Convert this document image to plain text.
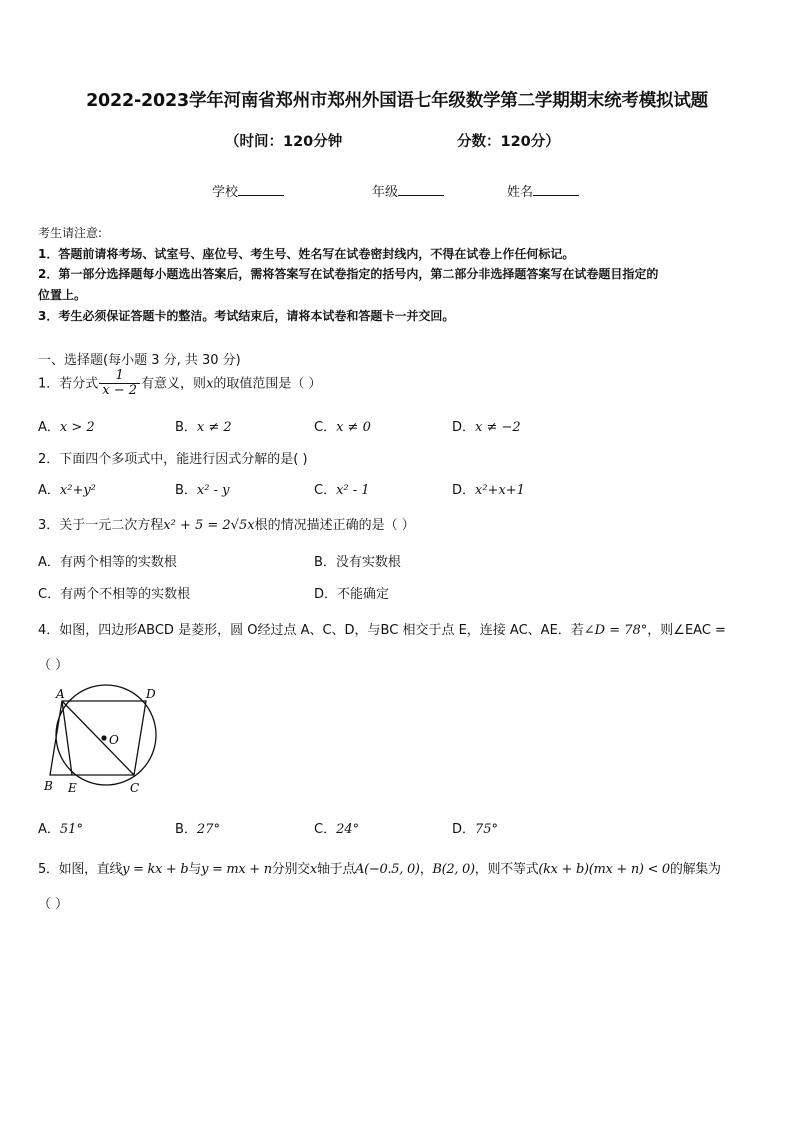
2022-2023学年河南省郑州市郑州外国语七年级数学第二学期期末统考模拟试题
（时间：120分钟	分数：120分）
学校	年级	姓名
考生请注意:
1．答题前请将考场、试室号、座位号、考生号、姓名写在试卷密封线内，不得在试卷上作任何标记。
2．第一部分选择题每小题选出答案后，需将答案写在试卷指定的括号内，第二部分非选择题答案写在试卷题目指定的
位置上。
3．考生必须保证答题卡的整洁。考试结束后，请将本试卷和答题卡一并交回。
一、选择题(每小题 3 分, 共 30 分)
1．若分式 $\frac{1}{x - 2}$ 有意义，则x的取值范围是（ ）
A．x > 2	B．x ≠ 2	C．x ≠ 0	D．x ≠ −2
2．下面四个多项式中，能进行因式分解的是( )
A．x²+y²	B．x² - y	C．x² - 1	D．x²+x+1
3．关于一元二次方程x² + 5 = 2√5x根的情况描述正确的是（ ）
A．有两个相等的实数根	B．没有实数根
C．有两个不相等的实数根	D．不能确定
4．如图，四边形ABCD 是菱形，圆 O经过点 A、C、D，与BC 相交于点 E，连接 AC、AE．若∠D = 78°，则∠EAC =
（ ）
A	D
O
B E	C
A．51°	B．27°	C．24°	D．75°
5．如图，直线y = kx + b与y = mx + n分别交x轴于点A(−0.5, 0)，B(2, 0)，则不等式(kx + b)(mx + n) < 0的解集为
（ ）
